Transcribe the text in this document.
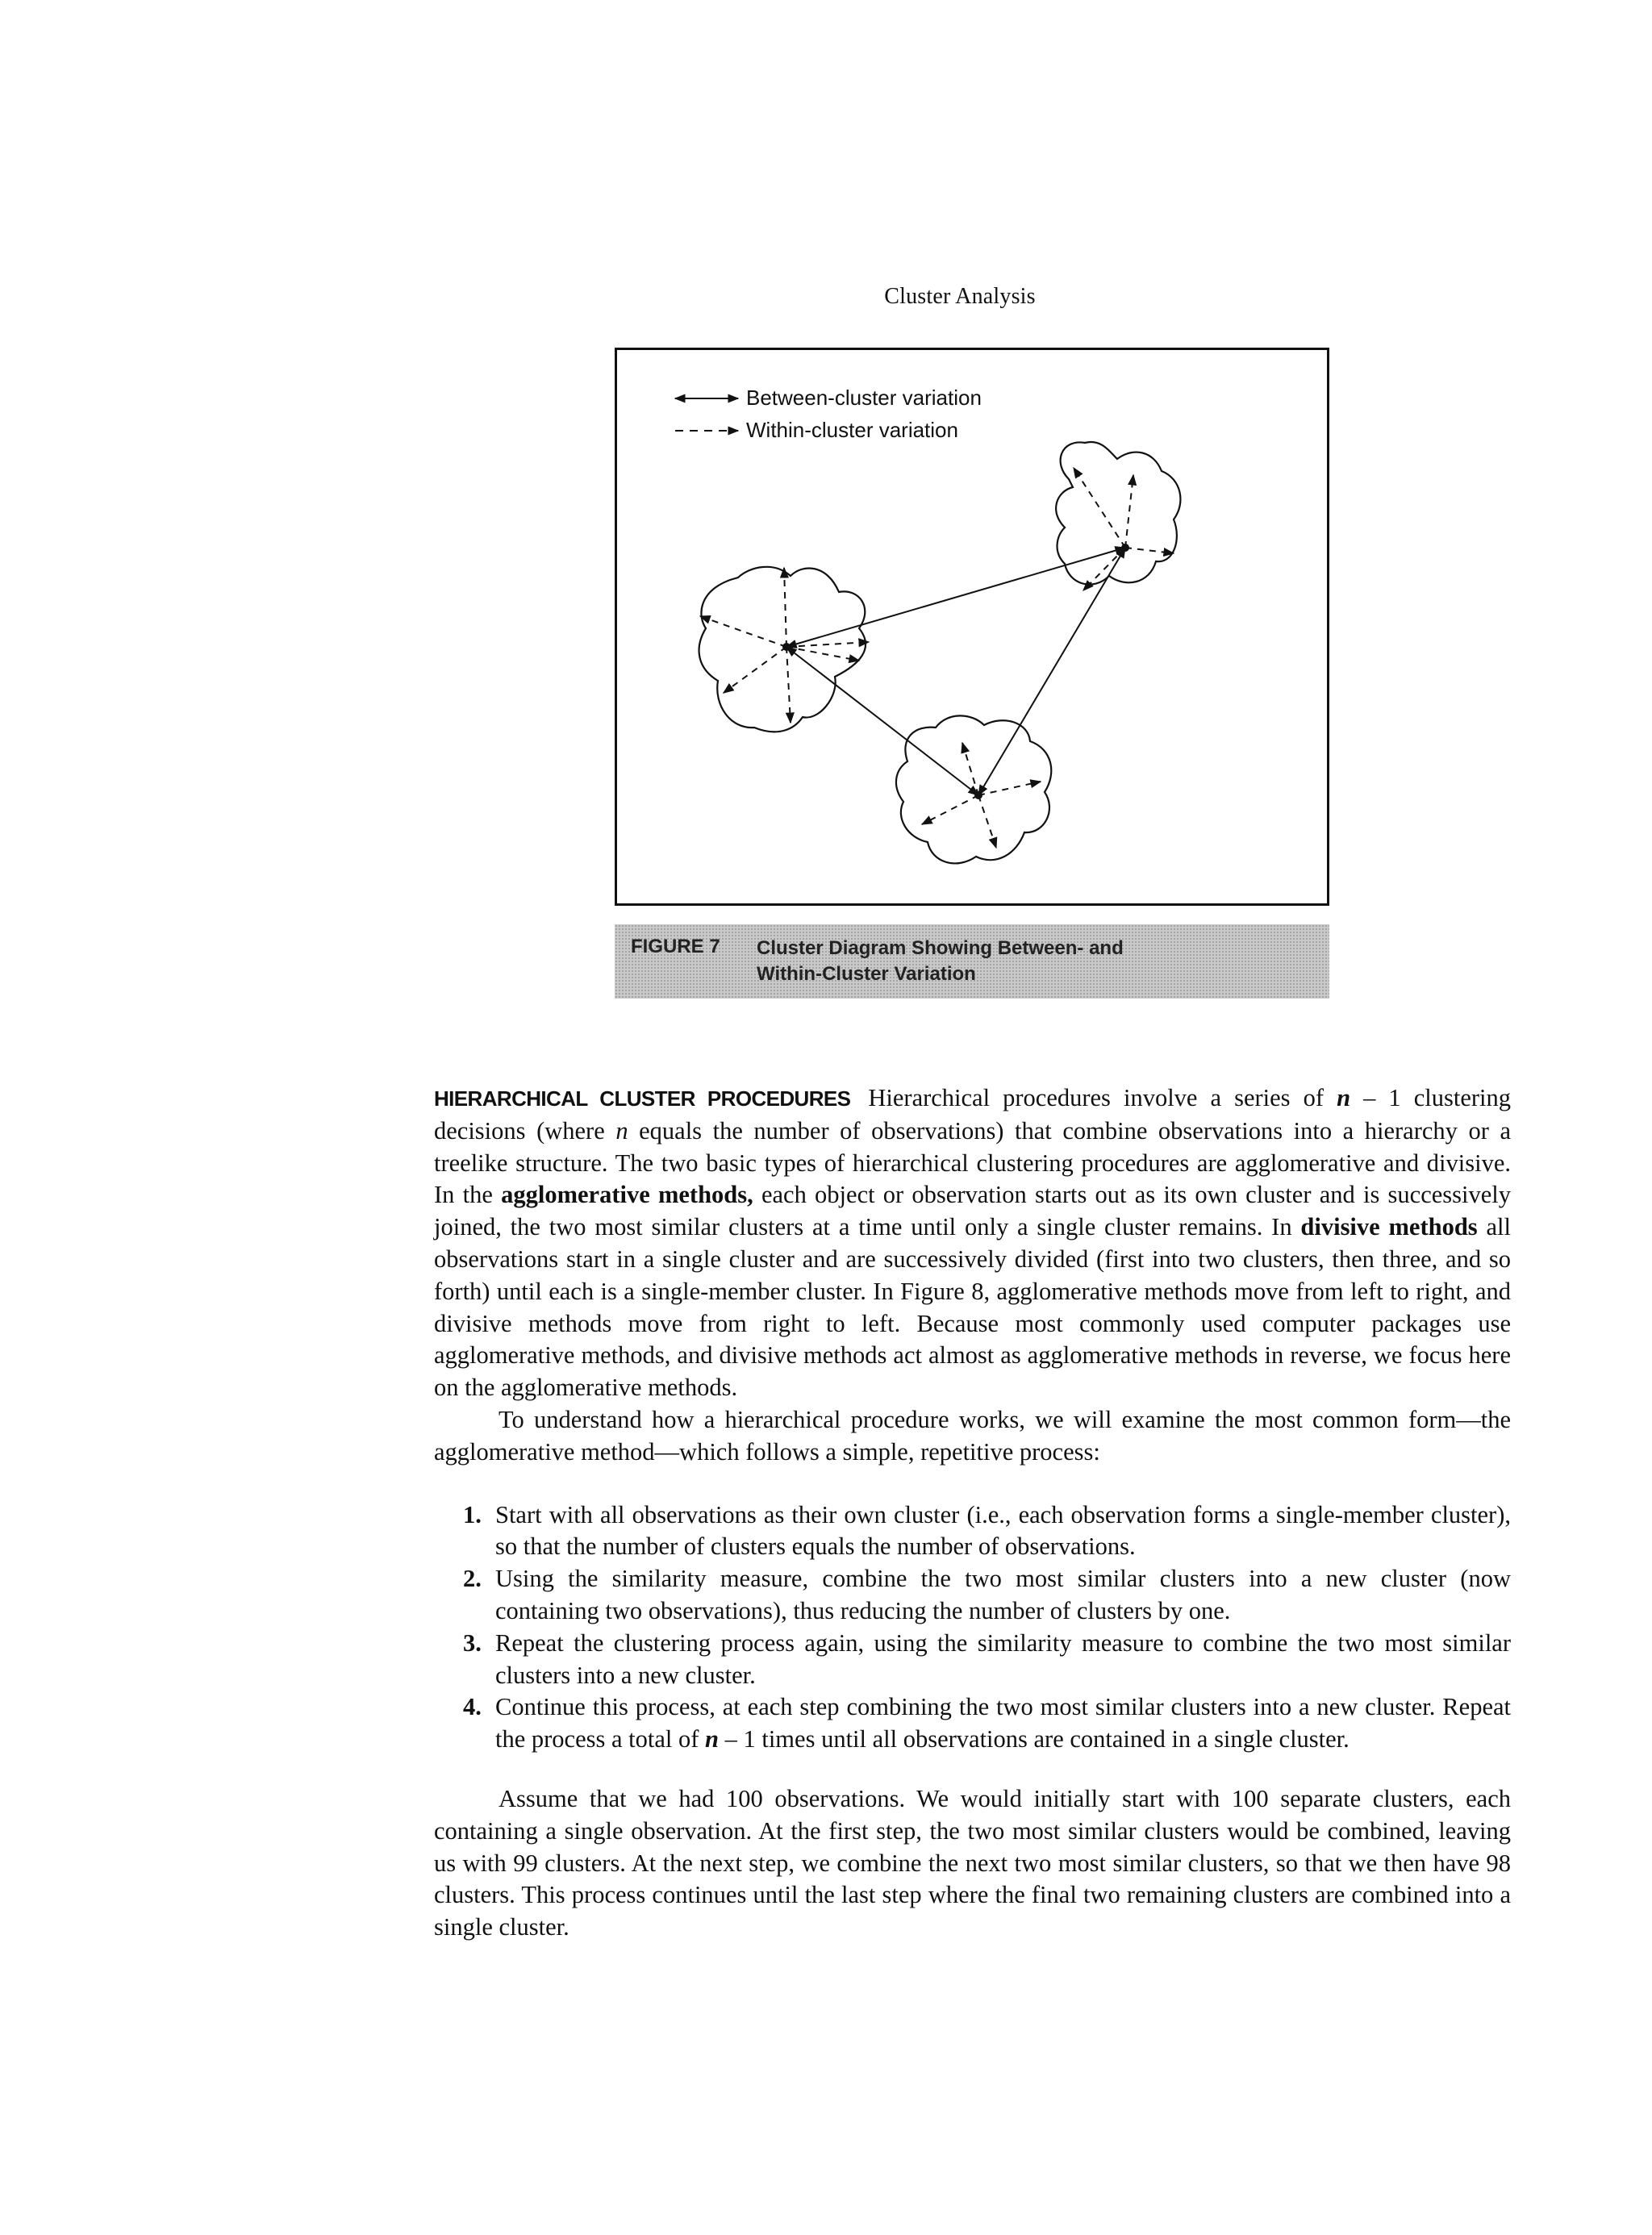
Cluster Analysis
Between-cluster variation
Within-cluster variation
FIGURE 7 Cluster Diagram Showing Between- and Within-Cluster Variation

HIERARCHICAL CLUSTER PROCEDURES Hierarchical procedures involve a series of n – 1 clustering decisions (where n equals the number of observations) that combine observations into a hierarchy or a treelike structure. The two basic types of hierarchical clustering procedures are agglomerative and divisive. In the agglomerative methods, each object or observation starts out as its own cluster and is successively joined, the two most similar clusters at a time until only a single cluster remains. In divisive methods all observations start in a single cluster and are successively divided (first into two clusters, then three, and so forth) until each is a single-member cluster. In Figure 8, agglomerative methods move from left to right, and divisive methods move from right to left. Because most commonly used computer packages use agglomerative methods, and divisive methods act almost as agglomerative methods in reverse, we focus here on the agglomerative methods.

To understand how a hierarchical procedure works, we will examine the most common form—the agglomerative method—which follows a simple, repetitive process:

1. Start with all observations as their own cluster (i.e., each observation forms a single-member cluster), so that the number of clusters equals the number of observations.
2. Using the similarity measure, combine the two most similar clusters into a new cluster (now containing two observations), thus reducing the number of clusters by one.
3. Repeat the clustering process again, using the similarity measure to combine the two most similar clusters into a new cluster.
4. Continue this process, at each step combining the two most similar clusters into a new cluster. Repeat the process a total of n – 1 times until all observations are contained in a single cluster.

Assume that we had 100 observations. We would initially start with 100 separate clusters, each containing a single observation. At the first step, the two most similar clusters would be combined, leaving us with 99 clusters. At the next step, we combine the next two most similar clusters, so that we then have 98 clusters. This process continues until the last step where the final two remaining clusters are combined into a single cluster.
